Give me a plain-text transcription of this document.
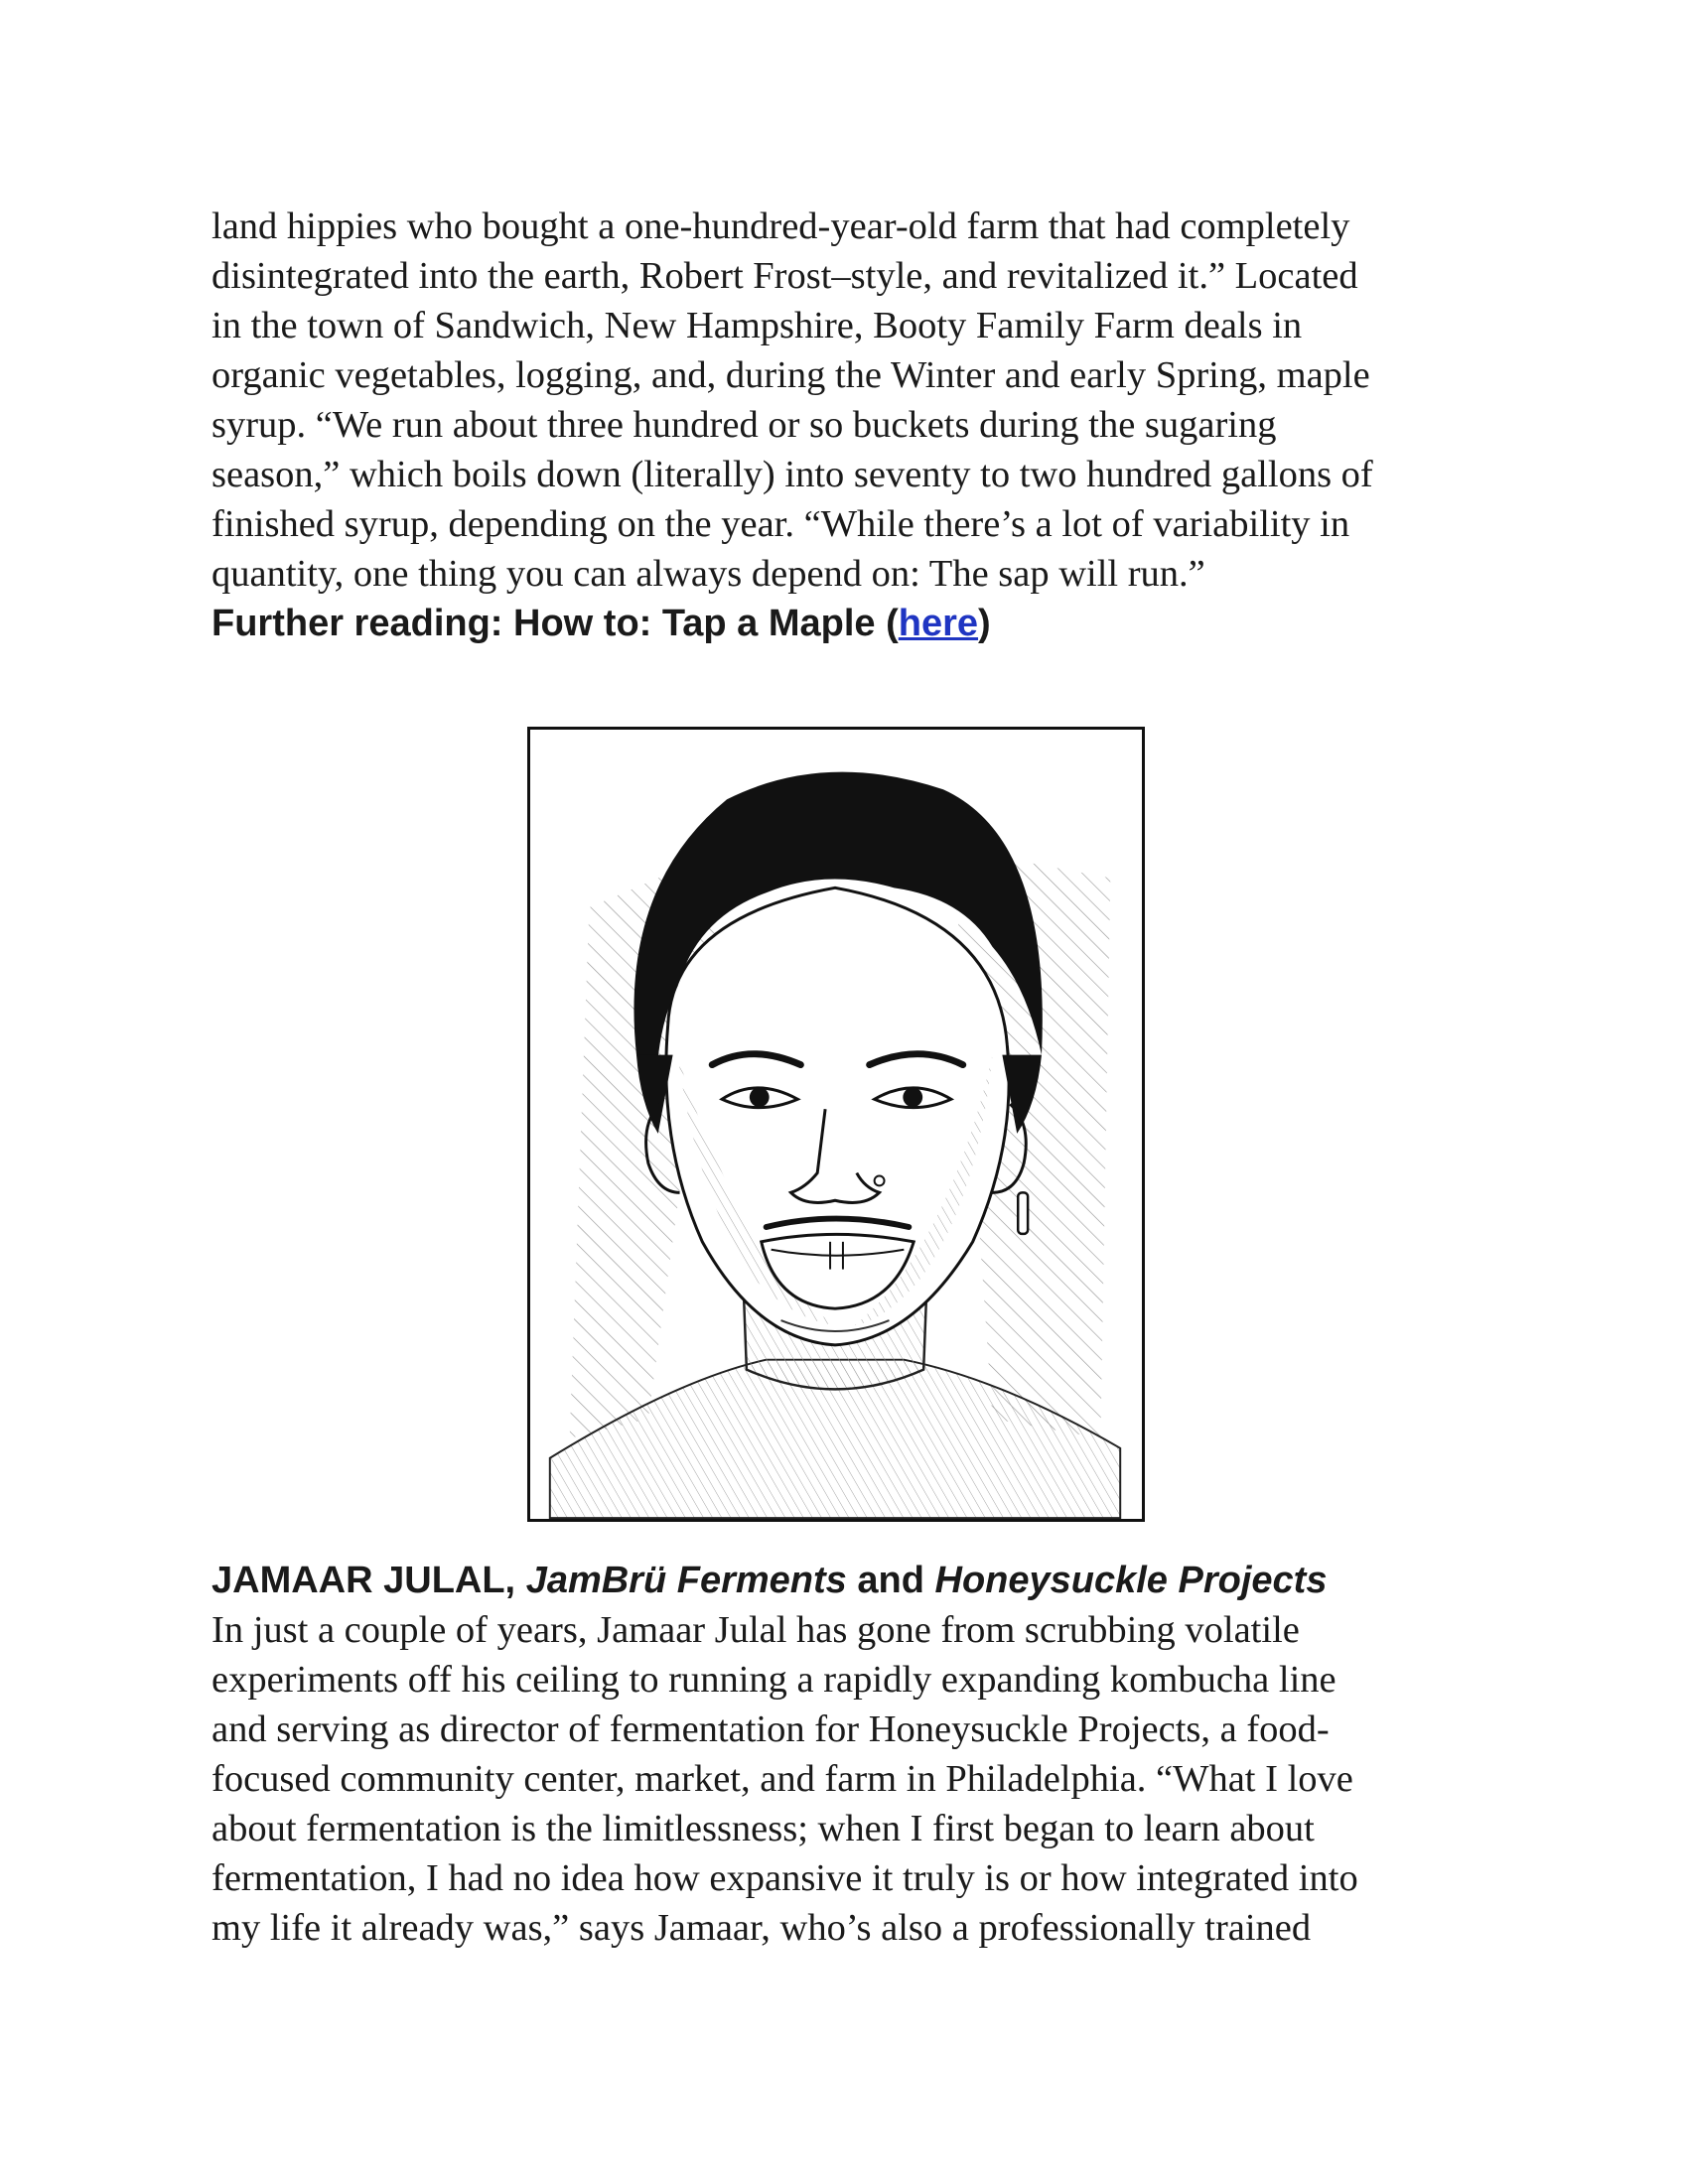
land hippies who bought a one-hundred-year-old farm that had completely
disintegrated into the earth, Robert Frost–style, and revitalized it.” Located
in the town of Sandwich, New Hampshire, Booty Family Farm deals in
organic vegetables, logging, and, during the Winter and early Spring, maple
syrup. “We run about three hundred or so buckets during the sugaring
season,” which boils down (literally) into seventy to two hundred gallons of
finished syrup, depending on the year. “While there’s a lot of variability in
quantity, one thing you can always depend on: The sap will run.”

Further reading: How to: Tap a Maple (here)

JAMAAR JULAL, JamBrü Ferments and Honeysuckle Projects

In just a couple of years, Jamaar Julal has gone from scrubbing volatile
experiments off his ceiling to running a rapidly expanding kombucha line
and serving as director of fermentation for Honeysuckle Projects, a food-
focused community center, market, and farm in Philadelphia. “What I love
about fermentation is the limitlessness; when I first began to learn about
fermentation, I had no idea how expansive it truly is or how integrated into
my life it already was,” says Jamaar, who’s also a professionally trained
